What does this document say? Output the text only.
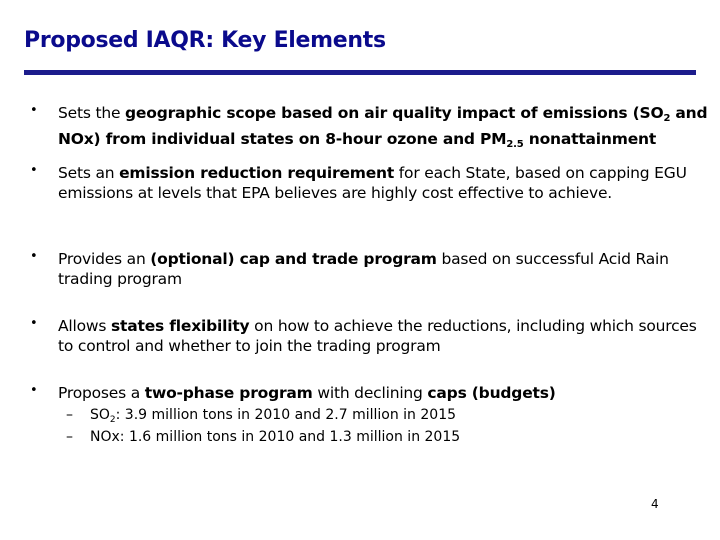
Proposed IAQR: Key Elements
• Sets the geographic scope based on air quality impact of emissions ($SO_2$ and NOx) from individual states on 8-hour ozone and $PM_{2.5}$ nonattainment
• Sets an emission reduction requirement for each State, based on capping EGU emissions at levels that EPA believes are highly cost effective to achieve.
• Provides an (optional) cap and trade program based on successful Acid Rain trading program
• Allows states flexibility on how to achieve the reductions, including which sources to control and whether to join the trading program
• Proposes a two-phase program with declining caps (budgets)
– $SO_2$: 3.9 million tons in 2010 and 2.7 million in 2015
– NOx: 1.6 million tons in 2010 and 1.3 million in 2015
4
